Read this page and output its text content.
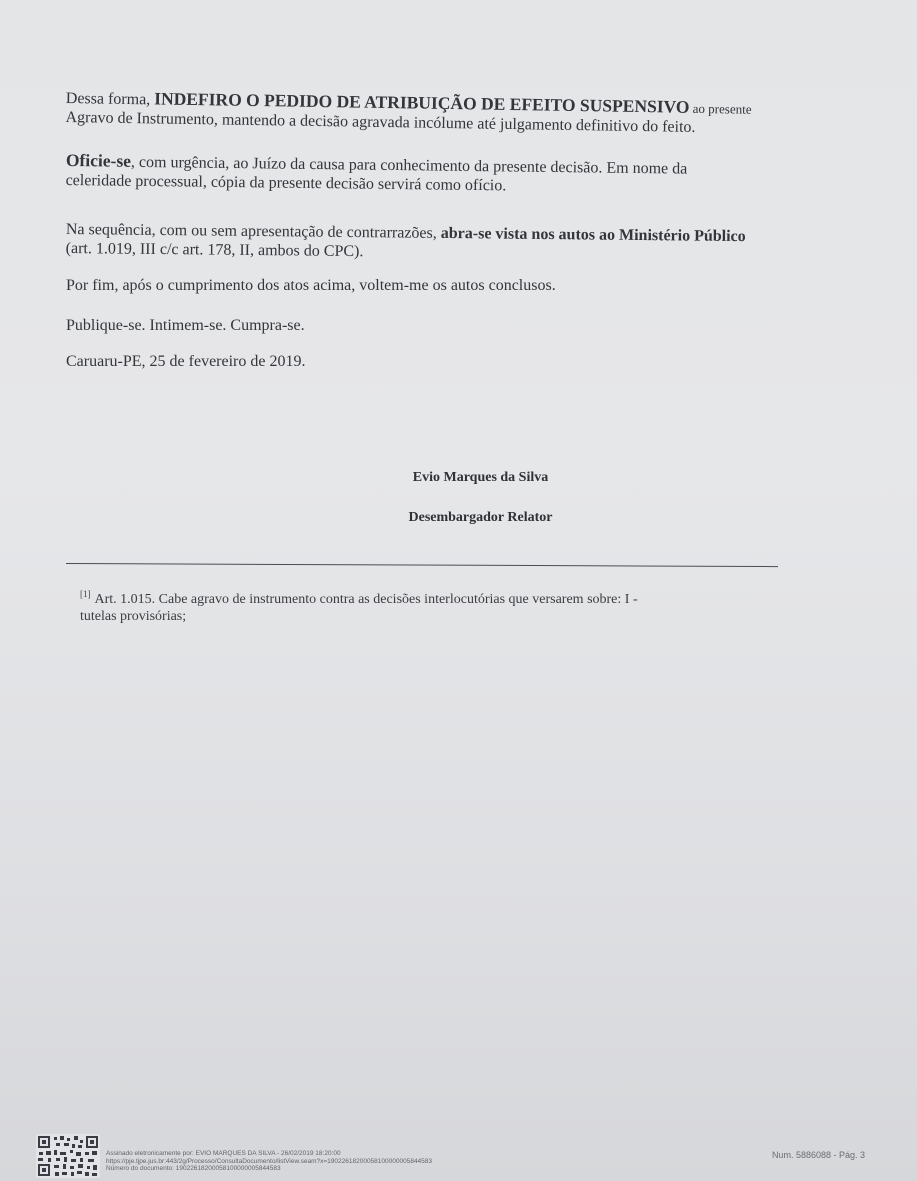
Dessa forma, INDEFIRO O PEDIDO DE ATRIBUIÇÃO DE EFEITO SUSPENSIVO ao presente
Agravo de Instrumento, mantendo a decisão agravada incólume até julgamento definitivo do feito.
Oficie-se, com urgência, ao Juízo da causa para conhecimento da presente decisão. Em nome da
celeridade processual, cópia da presente decisão servirá como ofício.
Na sequência, com ou sem apresentação de contrarrazões, abra-se vista nos autos ao Ministério Público
(art. 1.019, III c/c art. 178, II, ambos do CPC).
Por fim, após o cumprimento dos atos acima, voltem-me os autos conclusos.
Publique-se. Intimem-se. Cumpra-se.
Caruaru-PE, 25 de fevereiro de 2019.
Evio Marques da Silva
Desembargador Relator
[1] Art. 1.015. Cabe agravo de instrumento contra as decisões interlocutórias que versarem sobre: I -
tutelas provisórias;
Assinado eletronicamente por: EVIO MARQUES DA SILVA - 26/02/2019 18:20:00
https://pje.tjpe.jus.br:443/2g/Processo/ConsultaDocumento/listView.seam?x=19022618200058100000005844583
Número do documento: 19022618200058100000005844583
Num. 5886088 - Pág. 3
